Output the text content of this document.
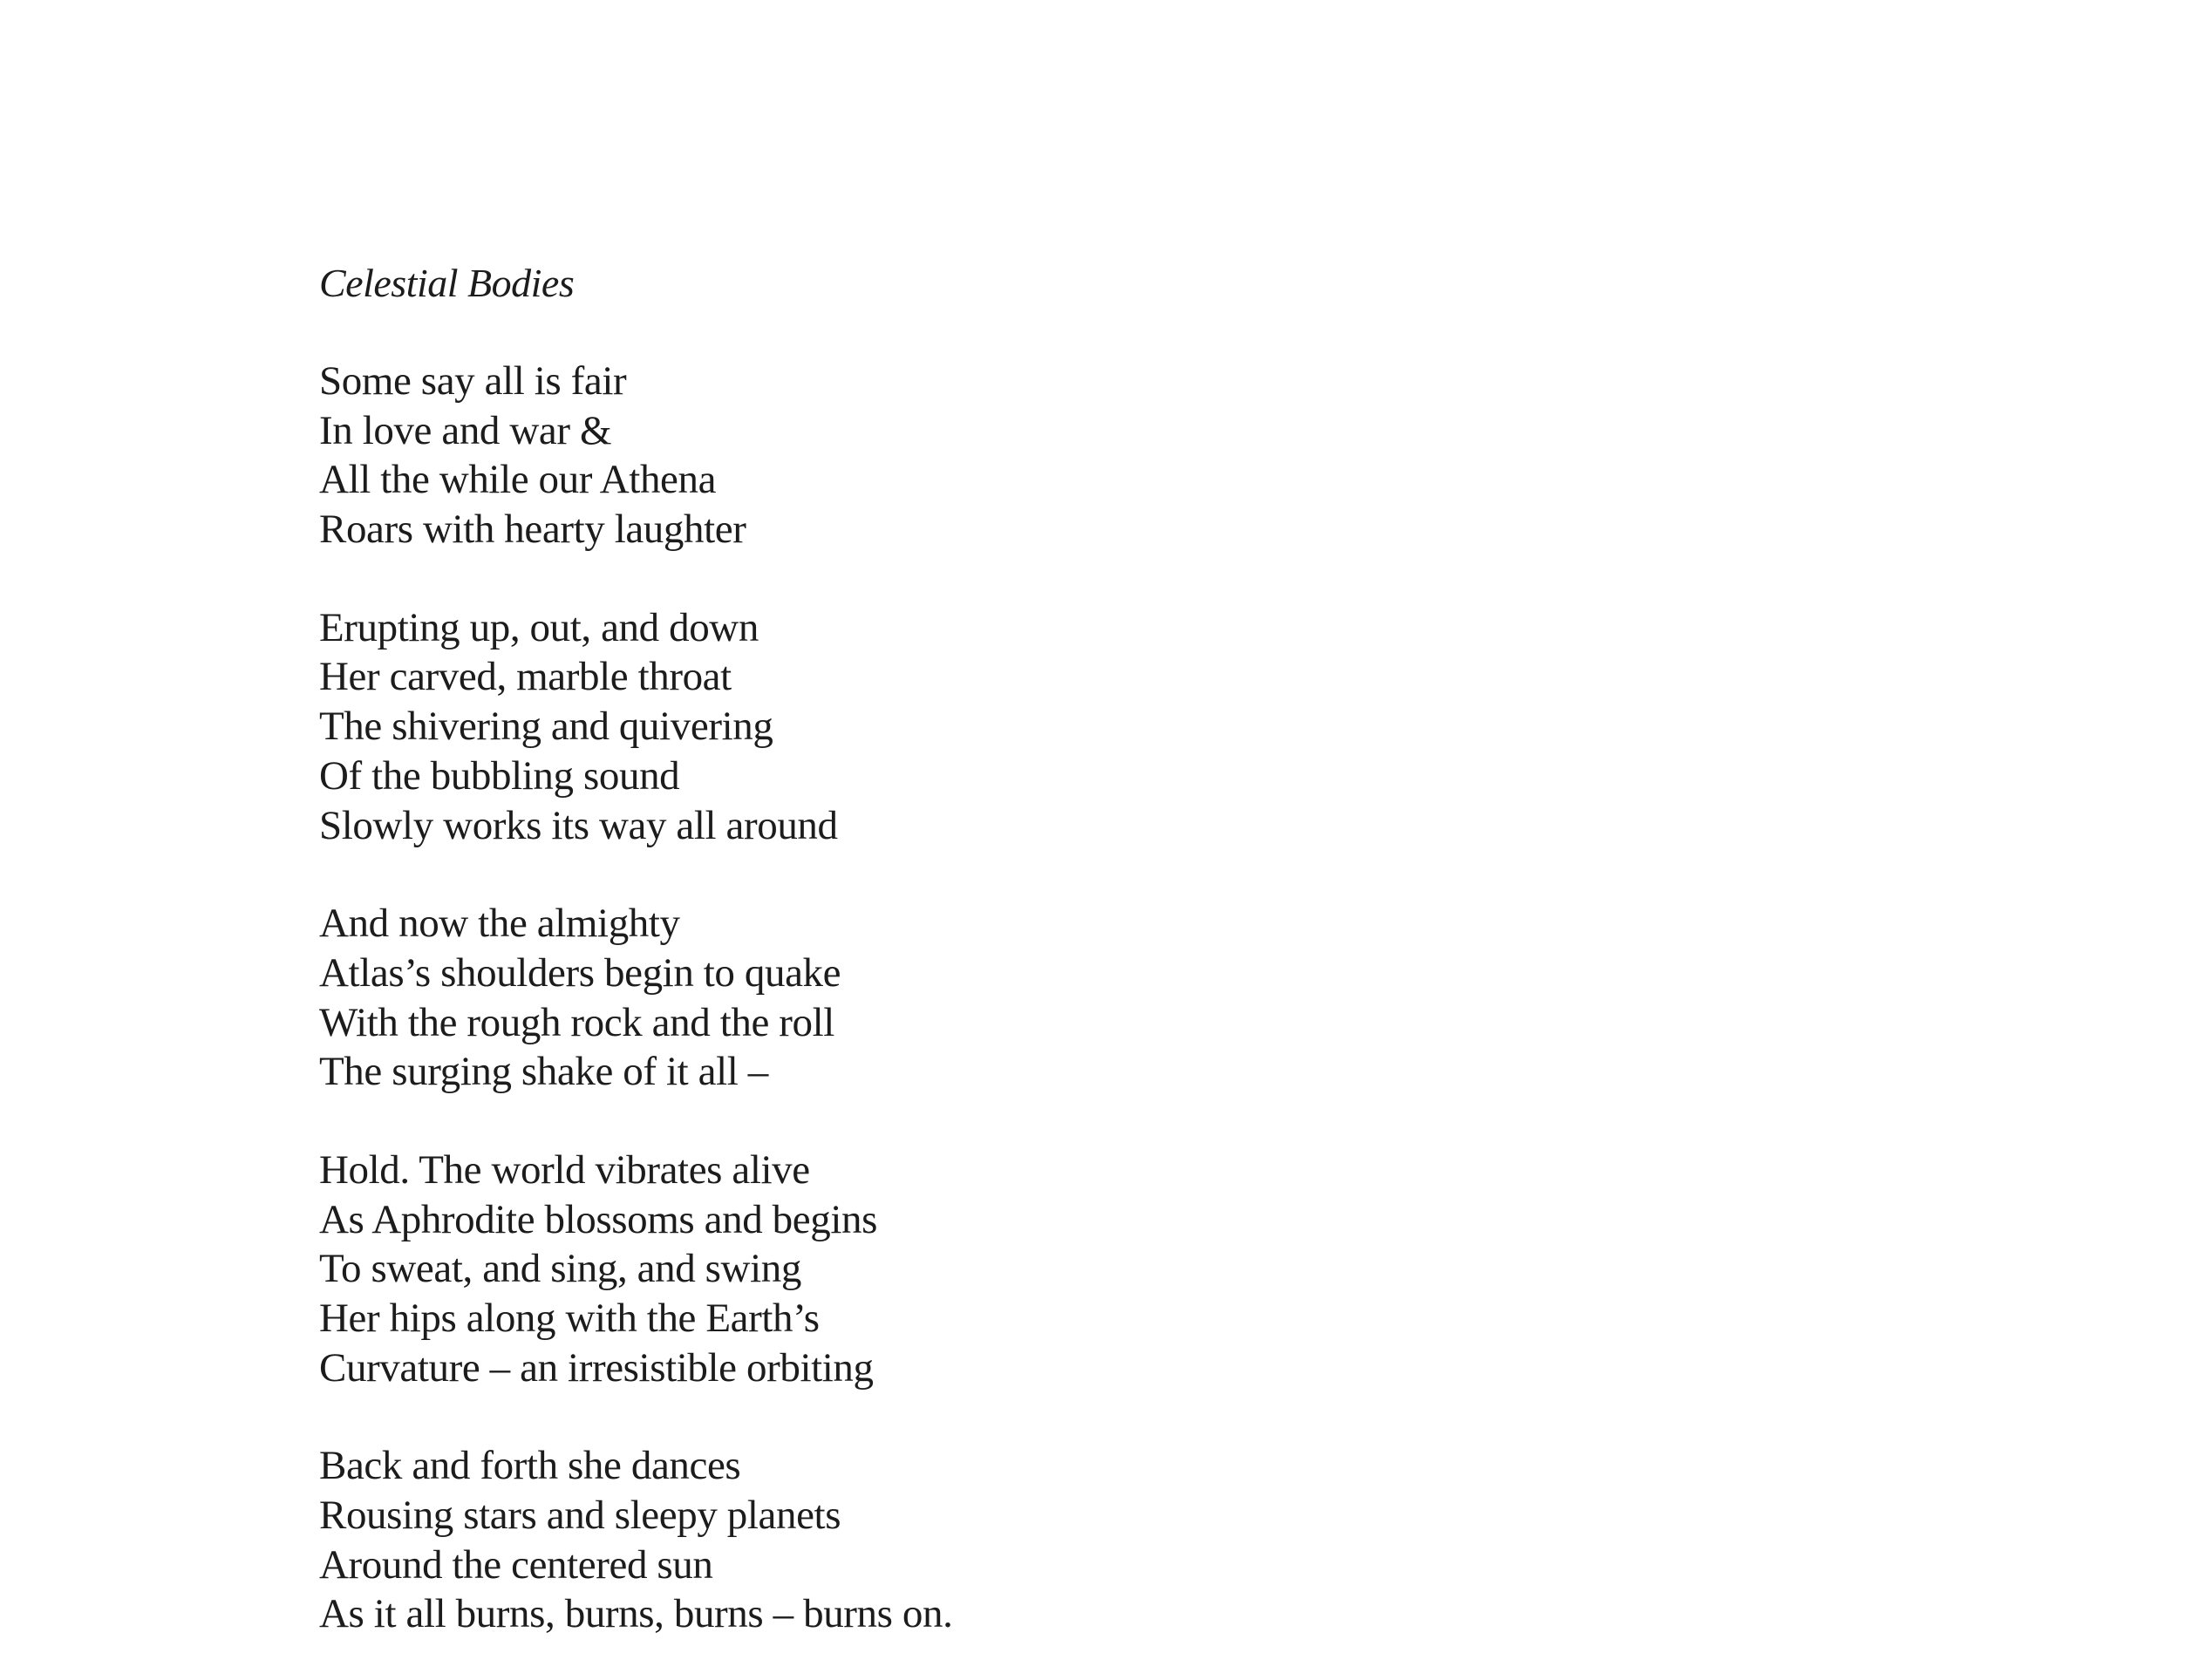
Celestial Bodies
Some say all is fair
In love and war &
All the while our Athena
Roars with hearty laughter
Erupting up, out, and down
Her carved, marble throat
The shivering and quivering
Of the bubbling sound
Slowly works its way all around
And now the almighty
Atlas’s shoulders begin to quake
With the rough rock and the roll
The surging shake of it all –
Hold. The world vibrates alive
As Aphrodite blossoms and begins
To sweat, and sing, and swing
Her hips along with the Earth’s
Curvature – an irresistible orbiting
Back and forth she dances
Rousing stars and sleepy planets
Around the centered sun
As it all burns, burns, burns – burns on.
